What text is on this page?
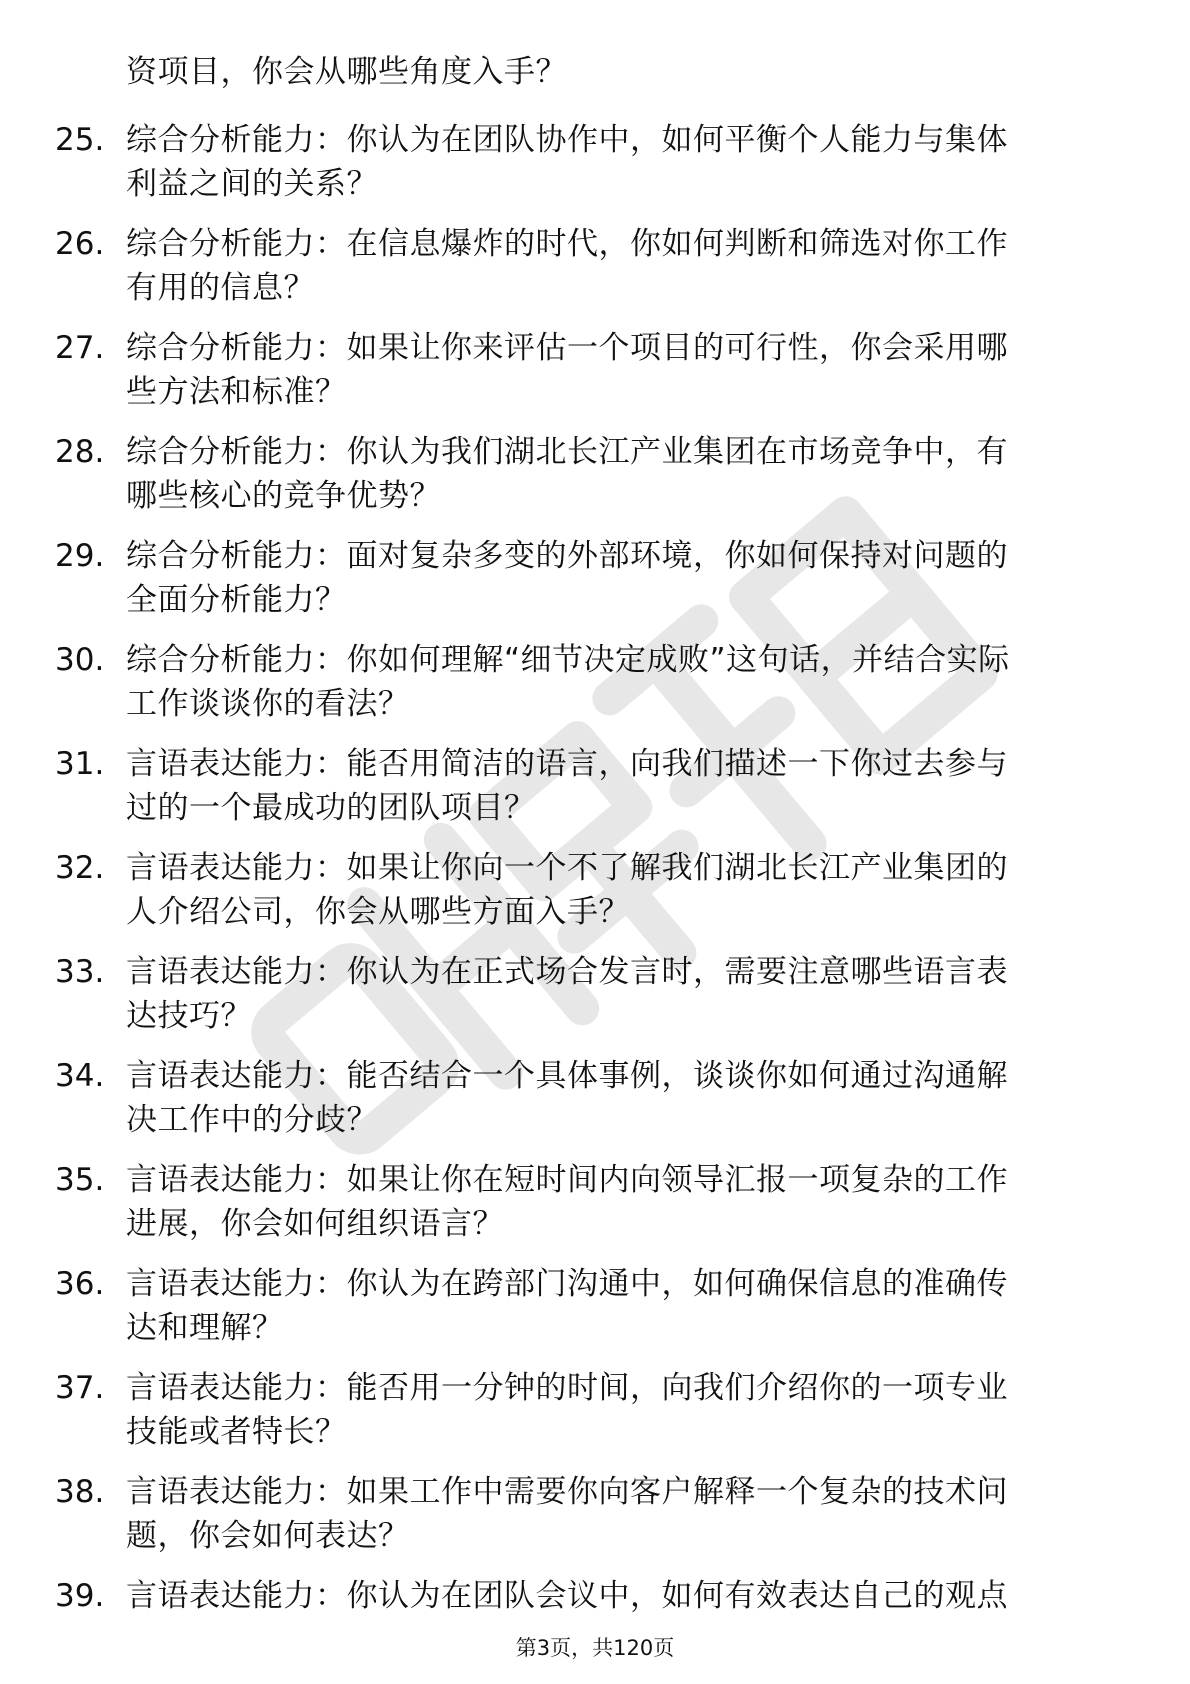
资项目，你会从哪些角度入手？
25. 综合分析能力：你认为在团队协作中，如何平衡个人能力与集体
利益之间的关系？
26. 综合分析能力：在信息爆炸的时代，你如何判断和筛选对你工作
有用的信息？
27. 综合分析能力：如果让你来评估一个项目的可行性，你会采用哪
些方法和标准？
28. 综合分析能力：你认为我们湖北长江产业集团在市场竞争中，有
哪些核心的竞争优势？
29. 综合分析能力：面对复杂多变的外部环境，你如何保持对问题的
全面分析能力？
30. 综合分析能力：你如何理解“细节决定成败”这句话，并结合实际
工作谈谈你的看法？
31. 言语表达能力：能否用简洁的语言，向我们描述一下你过去参与
过的一个最成功的团队项目？
32. 言语表达能力：如果让你向一个不了解我们湖北长江产业集团的
人介绍公司，你会从哪些方面入手？
33. 言语表达能力：你认为在正式场合发言时，需要注意哪些语言表
达技巧？
34. 言语表达能力：能否结合一个具体事例，谈谈你如何通过沟通解
决工作中的分歧？
35. 言语表达能力：如果让你在短时间内向领导汇报一项复杂的工作
进展，你会如何组织语言？
36. 言语表达能力：你认为在跨部门沟通中，如何确保信息的准确传
达和理解？
37. 言语表达能力：能否用一分钟的时间，向我们介绍你的一项专业
技能或者特长？
38. 言语表达能力：如果工作中需要你向客户解释一个复杂的技术问
题，你会如何表达？
39. 言语表达能力：你认为在团队会议中，如何有效表达自己的观点
第3页，共120页
